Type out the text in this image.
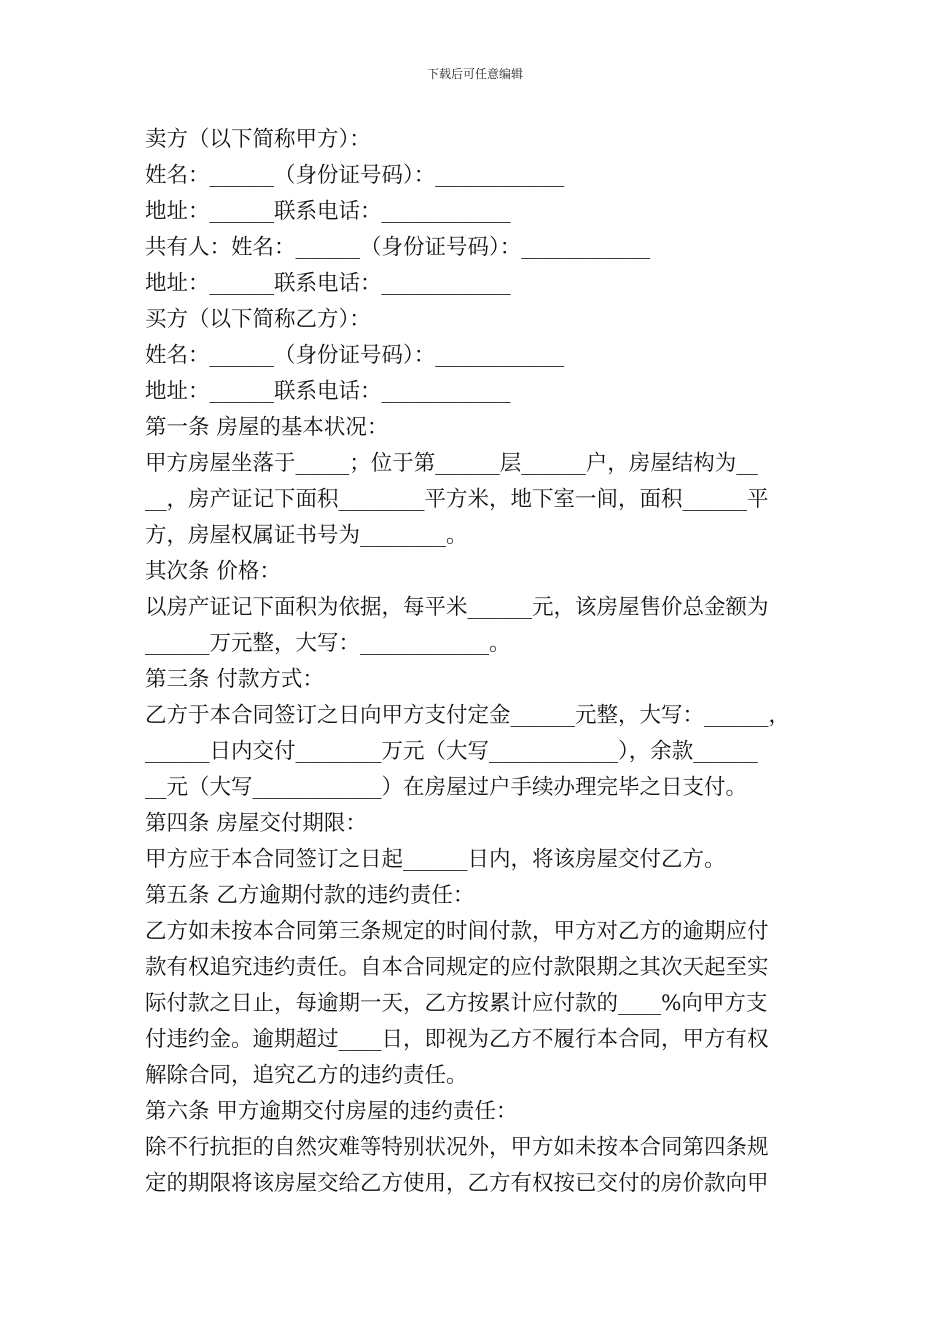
下载后可任意编辑
卖方（以下简称甲方）：
姓名：______（身份证号码）：____________
地址：______联系电话：____________
共有人：姓名：______（身份证号码）：____________
地址：______联系电话：____________
买方（以下简称乙方）：
姓名：______（身份证号码）：____________
地址：______联系电话：____________
第一条 房屋的基本状况：
甲方房屋坐落于_____；位于第______层______户，房屋结构为__
__，房产证记下面积________平方米，地下室一间，面积______平
方，房屋权属证书号为________。
其次条 价格：
以房产证记下面积为依据，每平米______元，该房屋售价总金额为
______万元整，大写：____________。
第三条 付款方式：
乙方于本合同签订之日向甲方支付定金______元整，大写：______，
______日内交付________万元（大写____________），余款______
__元（大写____________）在房屋过户手续办理完毕之日支付。
第四条 房屋交付期限：
甲方应于本合同签订之日起______日内，将该房屋交付乙方。
第五条 乙方逾期付款的违约责任：
乙方如未按本合同第三条规定的时间付款，甲方对乙方的逾期应付
款有权追究违约责任。自本合同规定的应付款限期之其次天起至实
际付款之日止，每逾期一天，乙方按累计应付款的____%向甲方支
付违约金。逾期超过____日，即视为乙方不履行本合同，甲方有权
解除合同，追究乙方的违约责任。
第六条 甲方逾期交付房屋的违约责任：
除不行抗拒的自然灾难等特别状况外，甲方如未按本合同第四条规
定的期限将该房屋交给乙方使用，乙方有权按已交付的房价款向甲
